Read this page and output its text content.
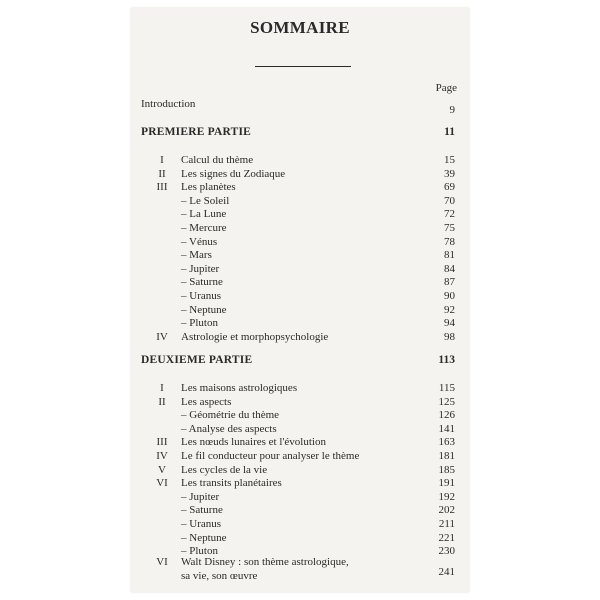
SOMMAIRE
Page
Introduction	9
PREMIERE PARTIE	11
I	Calcul du thème	15
II	Les signes du Zodiaque	39
III	Les planètes	69
– Le Soleil	70
– La Lune	72
– Mercure	75
– Vénus	78
– Mars	81
– Jupiter	84
– Saturne	87
– Uranus	90
– Neptune	92
– Pluton	94
IV Astrologie et morphopsychologie	98
DEUXIEME PARTIE	113
I	Les maisons astrologiques	115
II	Les aspects	125
– Géométrie du thème	126
– Analyse des aspects	141
III	Les nœuds lunaires et l'évolution	163
IV Le fil conducteur pour analyser le thème	181
V	Les cycles de la vie	185
VI Les transits planétaires	191
– Jupiter	192
– Saturne	202
– Uranus	211
– Neptune	221
– Pluton	230
VI Walt Disney : son thème astrologique,
sa vie, son œuvre	241
